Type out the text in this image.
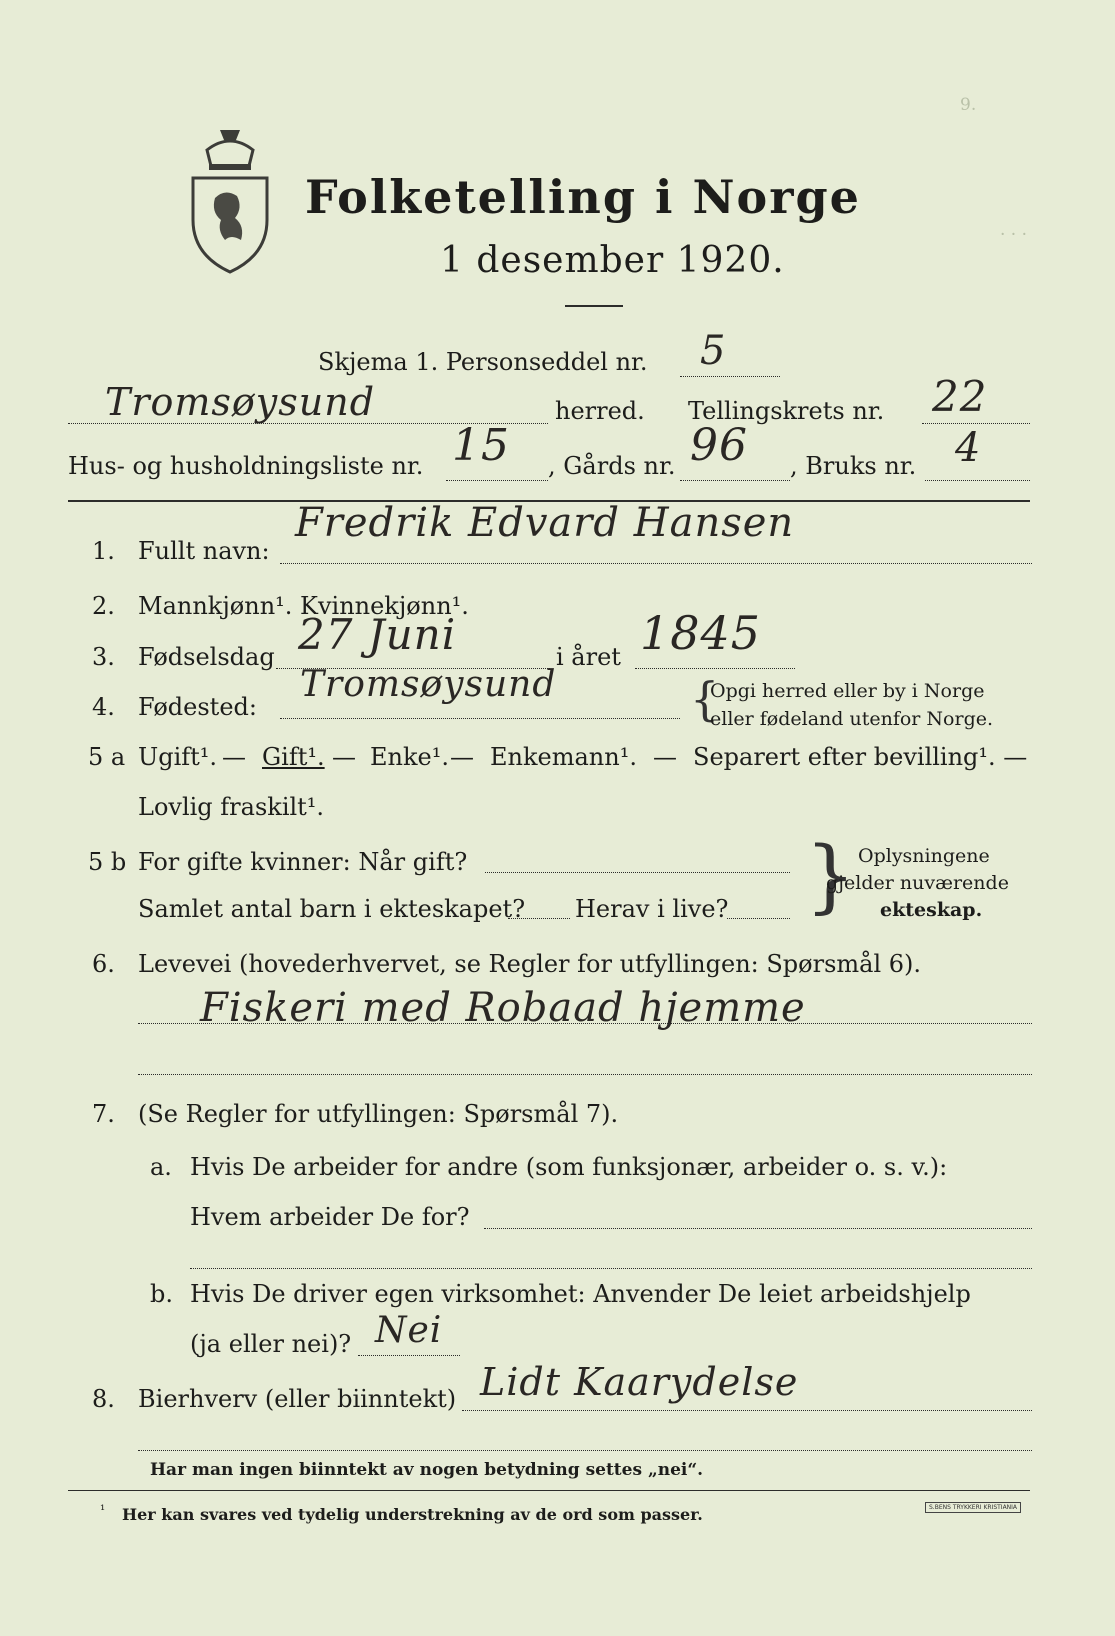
9.
· · ·
Folketelling i Norge
1 desember 1920.
Skjema 1. Personseddel nr. 5
Tromsøysund	herred. Tellingskrets nr. 22
Hus- og husholdningsliste nr. 15 , Gårds nr. 96 , Bruks nr. 4
1. Fullt navn:
Fredrik Edvard Hansen
2. Mannkjønn¹. Kvinnekjønn¹.
3. Fødselsdag 27 Juni	i året 1845
4. Fødested:
Tromsøysund	{
Opgi herred eller by i Norge
eller fødeland utenfor Norge.
5 a Ugift¹. — Gift¹. — Enke¹. — Enkemann¹. — Separert efter bevilling¹. —
Lovlig fraskilt¹.
5 b For gifte kvinner: Når gift?
Samlet antal barn i ekteskapet? Herav i live? } Oplysningene
gjelder nuværende
ekteskap.
6. Levevei (hovederhvervet, se Regler for utfyllingen: Spørsmål 6).
Fiskeri med Robaad hjemme
7. (Se Regler for utfyllingen: Spørsmål 7).
a. Hvis De arbeider for andre (som funksjonær, arbeider o. s. v.):
Hvem arbeider De for?
b. Hvis De driver egen virksomhet: Anvender De leiet arbeidshjelp
(ja eller nei)? Nei
8. Bierhverv (eller biinntekt) Lidt Kaarydelse
Har man ingen biinntekt av nogen betydning settes „nei“.
¹ Her kan svares ved tydelig understrekning av de ord som passer.	S.BENS TRYKKERI KRISTIANIA
